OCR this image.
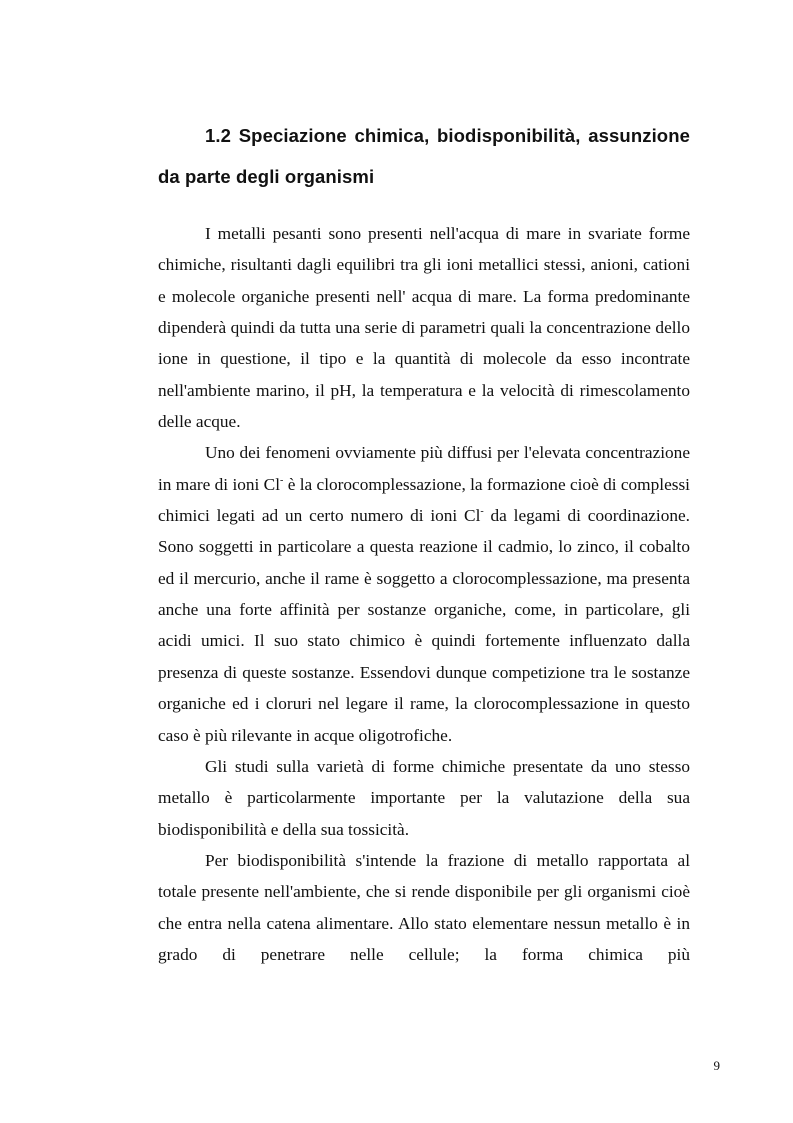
1.2 Speciazione chimica, biodisponibilità, assunzione da parte degli organismi

I metalli pesanti sono presenti nell'acqua di mare in svariate forme chimiche, risultanti dagli equilibri tra gli ioni metallici stessi, anioni, cationi e molecole organiche presenti nell' acqua di mare. La forma predominante dipenderà quindi da tutta una serie di parametri quali la concentrazione dello ione in questione, il tipo e la quantità di molecole da esso incontrate nell'ambiente marino, il pH, la temperatura e la velocità di rimescolamento delle acque.

Uno dei fenomeni ovviamente più diffusi per l'elevata concentrazione in mare di ioni Cl- è la clorocomplessazione, la formazione cioè di complessi chimici legati ad un certo numero di ioni Cl- da legami di coordinazione. Sono soggetti in particolare a questa reazione il cadmio, lo zinco, il cobalto ed il mercurio, anche il rame è soggetto a clorocomplessazione, ma presenta anche una forte affinità per sostanze organiche, come, in particolare, gli acidi umici. Il suo stato chimico è quindi fortemente influenzato dalla presenza di queste sostanze. Essendovi dunque competizione tra le sostanze organiche ed i cloruri nel legare il rame, la clorocomplessazione in questo caso è più rilevante in acque oligotrofiche.

Gli studi sulla varietà di forme chimiche presentate da uno stesso metallo è particolarmente importante per la valutazione della sua biodisponibilità e della sua tossicità.

Per biodisponibilità s'intende la frazione di metallo rapportata al totale presente nell'ambiente, che si rende disponibile per gli organismi cioè che entra nella catena alimentare. Allo stato elementare nessun metallo è in grado di penetrare nelle cellule; la forma chimica più

9
